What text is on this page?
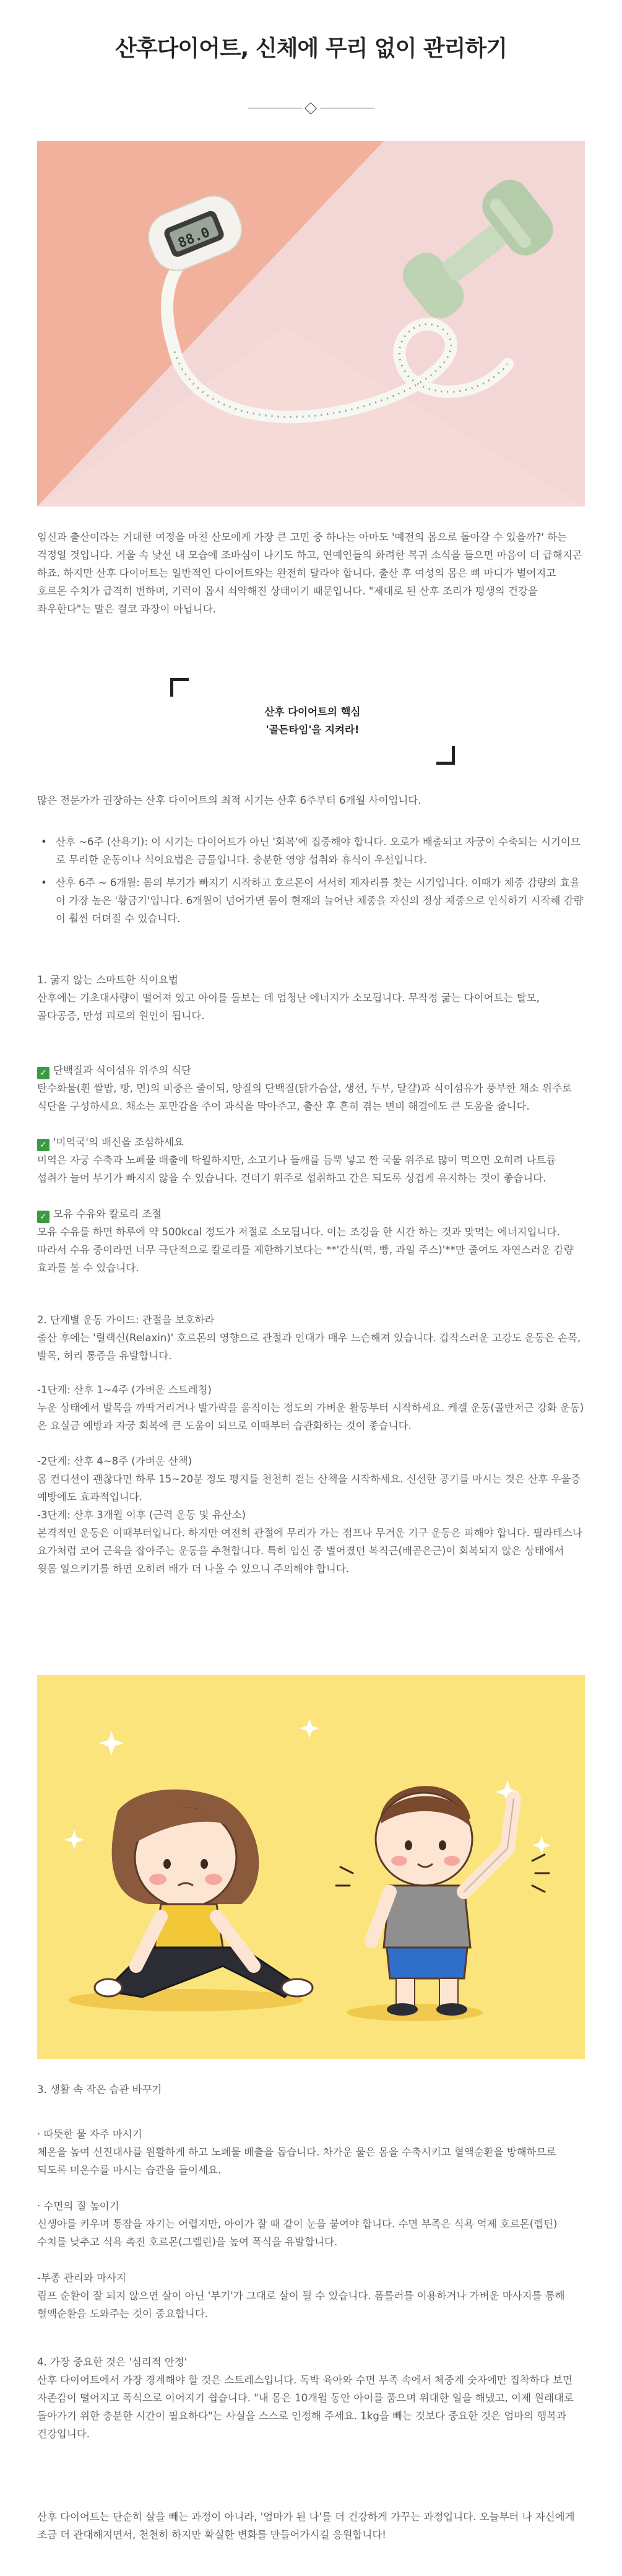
산후다이어트, 신체에 무리 없이 관리하기
88.0

임신과 출산이라는 거대한 여정을 마친 산모에게 가장 큰 고민 중 하나는 아마도 '예전의 몸으로 돌아갈 수 있을까?' 하는 걱정일 것입니다. 거울 속 낯선 내 모습에 조바심이 나기도 하고, 연예인들의 화려한 복귀 소식을 들으면 마음이 더 급해지곤 하죠. 하지만 산후 다이어트는 일반적인 다이어트와는 완전히 달라야 합니다. 출산 후 여성의 몸은 뼈 마디가 벌어지고 호르몬 수치가 급격히 변하며, 기력이 몹시 쇠약해진 상태이기 때문입니다. "제대로 된 산후 조리가 평생의 건강을 좌우한다"는 말은 결코 과장이 아닙니다.

산후 다이어트의 핵심
'골든타임'을 지켜라!

많은 전문가가 권장하는 산후 다이어트의 최적 시기는 산후 6주부터 6개월 사이입니다.

• 산후 ~6주 (산욕기): 이 시기는 다이어트가 아닌 '회복'에 집중해야 합니다. 오로가 배출되고 자궁이 수축되는 시기이므로 무리한 운동이나 식이요법은 금물입니다. 충분한 영양 섭취와 휴식이 우선입니다.
• 산후 6주 ~ 6개월: 몸의 부기가 빠지기 시작하고 호르몬이 서서히 제자리를 찾는 시기입니다. 이때가 체중 감량의 효율이 가장 높은 '황금기'입니다. 6개월이 넘어가면 몸이 현재의 늘어난 체중을 자신의 정상 체중으로 인식하기 시작해 감량이 훨씬 더뎌질 수 있습니다.
1. 굶지 않는 스마트한 식이요법
산후에는 기초대사량이 떨어져 있고 아이를 돌보는 데 엄청난 에너지가 소모됩니다. 무작정 굶는 다이어트는 탈모, 골다공증, 만성 피로의 원인이 됩니다.
✓ 단백질과 식이섬유 위주의 식단
탄수화물(흰 쌀밥, 빵, 면)의 비중은 줄이되, 양질의 단백질(닭가슴살, 생선, 두부, 달걀)과 식이섬유가 풍부한 채소 위주로 식단을 구성하세요. 채소는 포만감을 주어 과식을 막아주고, 출산 후 흔히 겪는 변비 해결에도 큰 도움을 줍니다.
✓ '미역국'의 배신을 조심하세요
미역은 자궁 수축과 노폐물 배출에 탁월하지만, 소고기나 들깨를 듬뿍 넣고 짠 국물 위주로 많이 먹으면 오히려 나트륨 섭취가 늘어 부기가 빠지지 않을 수 있습니다. 건더기 위주로 섭취하고 간은 되도록 싱겁게 유지하는 것이 좋습니다.
✓ 모유 수유와 칼로리 조절
모유 수유를 하면 하루에 약 500kcal 정도가 저절로 소모됩니다. 이는 조깅을 한 시간 하는 것과 맞먹는 에너지입니다. 따라서 수유 중이라면 너무 극단적으로 칼로리를 제한하기보다는 **'간식(떡, 빵, 과일 주스)'**만 줄여도 자연스러운 감량 효과를 볼 수 있습니다.
2. 단계별 운동 가이드: 관절을 보호하라
출산 후에는 '릴랙신(Relaxin)' 호르몬의 영향으로 관절과 인대가 매우 느슨해져 있습니다. 갑작스러운 고강도 운동은 손목, 발목, 허리 통증을 유발합니다.
-1단계: 산후 1~4주 (가벼운 스트레칭)
누운 상태에서 발목을 까딱거리거나 발가락을 움직이는 정도의 가벼운 활동부터 시작하세요. 케겔 운동(골반저근 강화 운동)은 요실금 예방과 자궁 회복에 큰 도움이 되므로 이때부터 습관화하는 것이 좋습니다.
-2단계: 산후 4~8주 (가벼운 산책)
몸 컨디션이 괜찮다면 하루 15~20분 정도 평지를 천천히 걷는 산책을 시작하세요. 신선한 공기를 마시는 것은 산후 우울증 예방에도 효과적입니다.
-3단계: 산후 3개월 이후 (근력 운동 및 유산소)
본격적인 운동은 이때부터입니다. 하지만 여전히 관절에 무리가 가는 점프나 무거운 기구 운동은 피해야 합니다. 필라테스나 요가처럼 코어 근육을 잡아주는 운동을 추천합니다. 특히 임신 중 벌어졌던 복직근(배곧은근)이 회복되지 않은 상태에서 윗몸 일으키기를 하면 오히려 배가 더 나올 수 있으니 주의해야 합니다.

3. 생활 속 작은 습관 바꾸기

· 따뜻한 물 자주 마시기
체온을 높여 신진대사를 원활하게 하고 노폐물 배출을 돕습니다. 차가운 물은 몸을 수축시키고 혈액순환을 방해하므로 되도록 미온수를 마시는 습관을 들이세요.
· 수면의 질 높이기
신생아를 키우며 통잠을 자기는 어렵지만, 아이가 잘 때 같이 눈을 붙여야 합니다. 수면 부족은 식욕 억제 호르몬(렙틴) 수치를 낮추고 식욕 촉진 호르몬(그렐린)을 높여 폭식을 유발합니다.
-부종 관리와 마사지
림프 순환이 잘 되지 않으면 살이 아닌 '부기'가 그대로 살이 될 수 있습니다. 폼롤러를 이용하거나 가벼운 마사지를 통해 혈액순환을 도와주는 것이 중요합니다.
4. 가장 중요한 것은 '심리적 안정'
산후 다이어트에서 가장 경계해야 할 것은 스트레스입니다. 독박 육아와 수면 부족 속에서 체중계 숫자에만 집착하다 보면 자존감이 떨어지고 폭식으로 이어지기 쉽습니다. "내 몸은 10개월 동안 아이를 품으며 위대한 일을 해냈고, 이제 원래대로 돌아가기 위한 충분한 시간이 필요하다"는 사실을 스스로 인정해 주세요. 1kg을 빼는 것보다 중요한 것은 엄마의 행복과 건강입니다.

산후 다이어트는 단순히 살을 빼는 과정이 아니라, '엄마가 된 나'를 더 건강하게 가꾸는 과정입니다. 오늘부터 나 자신에게 조금 더 관대해지면서, 천천히 하지만 확실한 변화를 만들어가시길 응원합니다!
